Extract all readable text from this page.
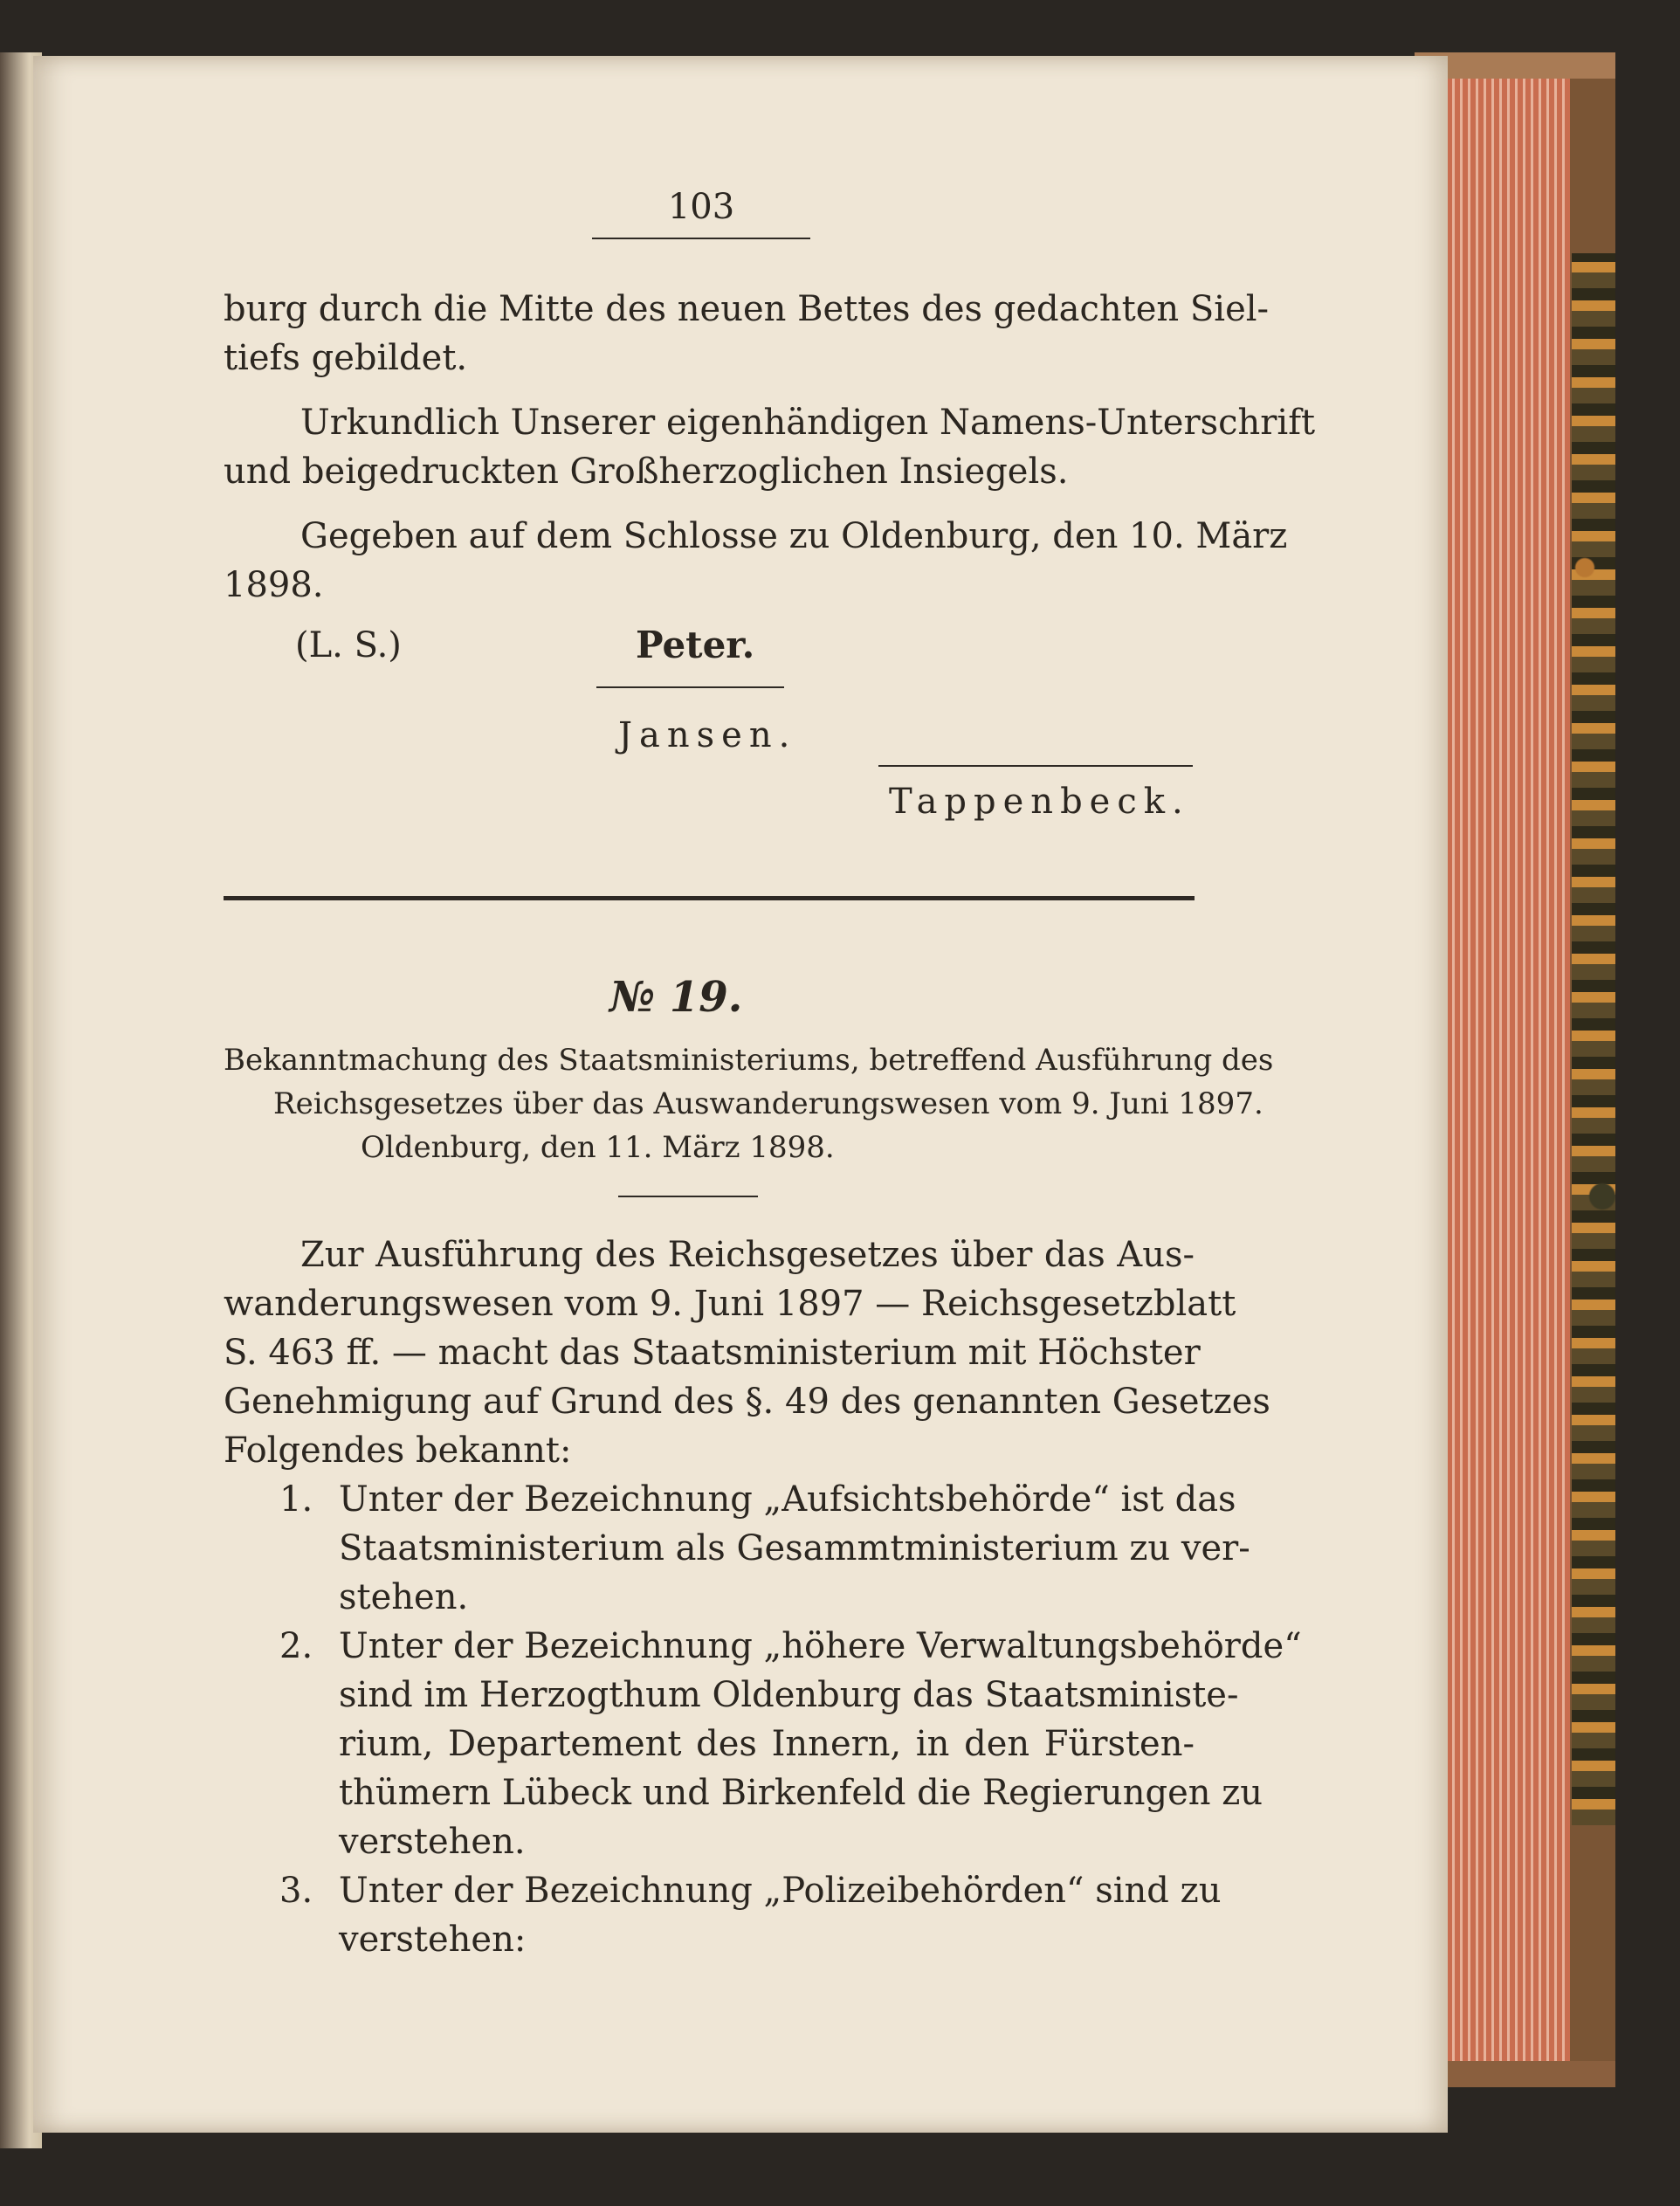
103
burg durch die Mitte des neuen Bettes des gedachten Siel-
tiefs gebildet.
Urkundlich Unserer eigenhändigen Namens-Unterschrift
und beigedruckten Großherzoglichen Insiegels.
Gegeben auf dem Schlosse zu Oldenburg, den 10. März
1898.
(L. S.)	Peter.
Jansen.
Tappenbeck.
№ 19.
Bekanntmachung des Staatsministeriums, betreffend Ausführung des
Reichsgesetzes über das Auswanderungswesen vom 9. Juni 1897.
Oldenburg, den 11. März 1898.
Zur Ausführung des Reichsgesetzes über das Aus-
wanderungswesen vom 9. Juni 1897 — Reichsgesetzblatt
S. 463 ff. — macht das Staatsministerium mit Höchster
Genehmigung auf Grund des §. 49 des genannten Gesetzes
Folgendes bekannt:
1. Unter der Bezeichnung „Aufsichtsbehörde“ ist das
Staatsministerium als Gesammtministerium zu ver-
stehen.
2. Unter der Bezeichnung „höhere Verwaltungsbehörde“
sind im Herzogthum Oldenburg das Staatsministe-
rium, Departement des Innern, in den Fürsten-
thümern Lübeck und Birkenfeld die Regierungen zu
verstehen.
3. Unter der Bezeichnung „Polizeibehörden“ sind zu
verstehen:
